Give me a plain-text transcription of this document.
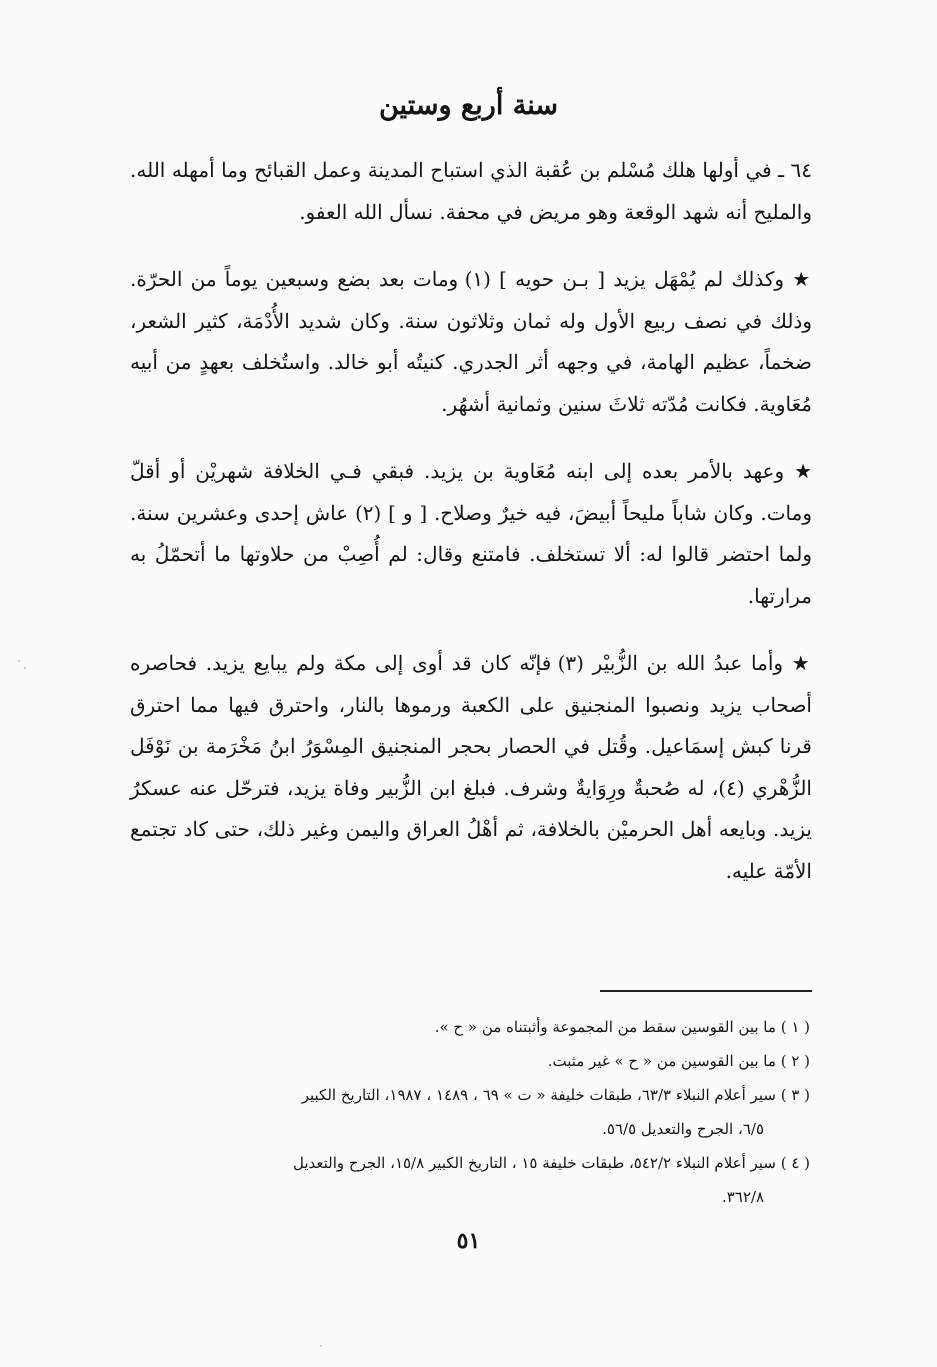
سنة أربع وستين

٦٤ ـ في أولها هلك مُسْلم بن عُقبة الذي استباح المدينة وعمل القبائح وما أمهله الله. والمليح أنه شهد الوقعة وهو مريض في محفة. نسأل الله العفو.

★ وكذلك لم يُمْهَل يزيد [ بـن حويه ] (١) ومات بعد بضع وسبعين يوماً من الحرّة. وذلك في نصف ربيع الأول وله ثمان وثلاثون سنة. وكان شديد الأُدْمَة، كثير الشعر، ضخماً، عظيم الهامة، في وجهه أثر الجدري. كنيتُه أبو خالد. واستُخلف بعهدٍ من أبيه مُعَاوية. فكانت مُدّته ثلاثَ سنين وثمانية أشهُر.

★ وعهد بالأمر بعده إلى ابنه مُعَاوية بن يزيد. فبقي فـي الخلافة شهريْن أو أقلّ ومات. وكان شاباً مليحاً أبيضَ، فيه خيرٌ وصلاح. [ و ] (٢) عاش إحدى وعشرين سنة. ولما احتضر قالوا له: ألا تستخلف. فامتنع وقال: لم أُصِبْ من حلاوتها ما أتحمّلُ به مرارتها.

★ وأما عبدُ الله بن الزُّبيْر (٣) فإنّه كان قد أوى إلى مكة ولم يبايع يزيد. فحاصره أصحاب يزيد ونصبوا المنجنيق على الكعبة ورموها بالنار، واحترق فيها مما احترق قرنا كبش إسمَاعيل. وقُتل في الحصار بحجر المنجنيق المِسْوَرُ ابنُ مَخْرَمة بن نَوْفَل الزُّهْري (٤)، له صُحبةٌ ورِوَايةٌ وشرف. فبلغ ابن الزُّبير وفاة يزيد، فترحّل عنه عسكرُ يزيد. وبايعه أهل الحرميْن بالخلافة، ثم أهْلُ العراق واليمن وغير ذلك، حتى كاد تجتمع الأمّة عليه.

( ١ ) ما بين القوسين سقط من المجموعة وأثبتناه من « ح ».

( ٢ ) ما بين القوسين من « ح » غير مثبت.

( ٣ ) سير أعلام النبلاء ٦٣/٣، طبقات خليفة « ت » ٦٩ ، ١٤٨٩ ، ١٩٨٧، التاريخ الكبير

٦/٥، الجرح والتعديل ٥٦/٥.

( ٤ ) سير أعلام النبلاء ٥٤٢/٢، طبقات خليفة ١٥ ، التاريخ الكبير ١٥/٨، الجرح والتعديل

٣٦٢/٨.

٥١
